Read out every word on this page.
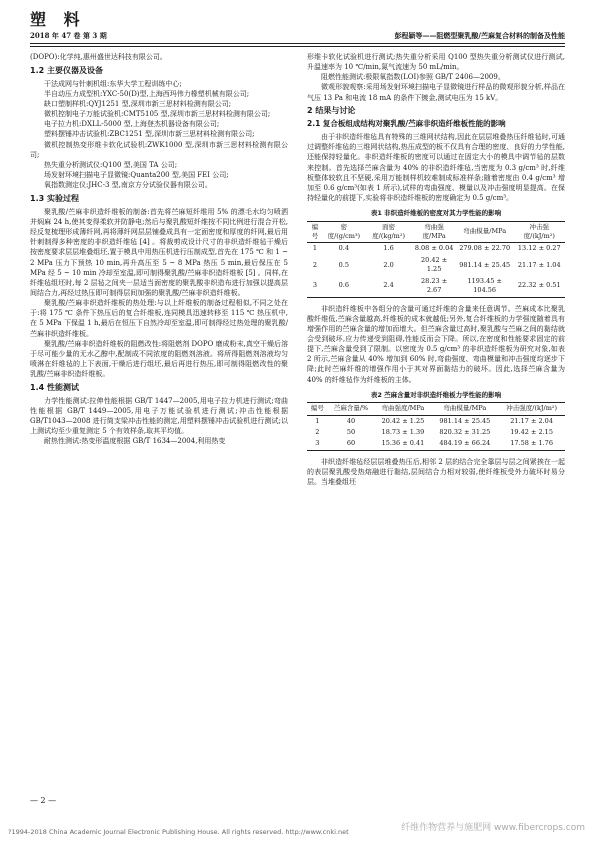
塑 料
2018 年 47 卷 第 3 期	彭程颖等——阻燃型聚乳酸/苎麻复合材料的制备及性能

(DOPO):化学纯,惠州盛世达科技有限公司。

1.2 主要仪器及设备

干法成网与针刺机组:东华大学工程训练中心;

半自动压力成型机:YXC-50(D)型,上海西玛伟力橡塑机械有限公司;

缺口塑制样机:QYJ1251 型,深圳市新三思材料检测有限公司;

微机控制电子万能试验机:CMT5105 型,深圳市新三思材料检测有限公司;

电子拉力机:DXLL-5000 型,上海登杰机器设备有限公司;

塑料摆锤冲击试验机:ZBC1251 型,深圳市新三思材料检测有限公司;

微机控制热变形维卡软化试验机:ZWK1000 型,深圳市新三思材料检测有限公司;

热失重分析测试仪:Q100 型,美国 TA 公司;

场发射环境扫描电子显微镜:Quanta200 型,美国 FEI 公司;

氧指数测定仪:JHC-3 型,南京方分试验仪器有限公司。

1.3 实验过程

聚乳酸/苎麻非织造纤维板的制备:首先将苎麻短纤维用 5% 的漂毛水均匀喷洒并焖麻 24 h,使其变得柔软并防静电;然后与聚乳酸短纤维按不同比例进行混合开松,经反复梳理形成薄纤网,再将薄纤网层层铺叠成具有一定面密度和厚度的纤网,最后用针刺制得多种密度的非织造纤维毡 [4] 。将裁剪成设计尺寸的非织造纤维毡干燥后按密度要求层层堆叠组坯,置于模具中用热压机进行压制成型,首先在 175 ℃ 和 1 ~ 2 MPa 压力下预热 10 min,再升高压至 5 ~ 8 MPa 热压 5 min,最后保压在 5 MPa 经 5 ~ 10 min 冷却至室温,即可制得聚乳酸/苎麻非织造纤维板 [5] 。同样,在纤维毡组坯时,每 2 层毡之间夹一层适当面密度的聚乳酸非织造布进行加强以提高层间结合力,再经过热压即可制得层间加强的聚乳酸/苎麻非织造纤维板。

聚乳酸/苎麻非织造纤维板的热处理:与以上纤维板的制备过程相似,不同之处在于:将 175 ℃ 条件下热压后的复合纤维板,连同模具迅速转移至 115 ℃ 热压机中,在 5 MPa 下保温 1 h,最后在恒压下自然冷却至室温,即可制得经过热处理的聚乳酸/苎麻非织造纤维板。

聚乳酸/苎麻非织造纤维板的阻燃改性:将阻燃剂 DOPO 磨成粉末,真空干燥后溶于尽可能少量的无水乙醇中,配制成不同浓度的阻燃剂溶液。将所得阻燃剂溶液均匀喷淋在纤维毡的上下表面,干燥后进行组坯,最后再进行热压,即可制得阻燃改性的聚乳酸/苎麻非织造纤维板。

1.4 性能测试

力学性能测试:拉伸性能根据 GB/T 1447—2005,用电子拉力机进行测试;弯曲性能根据 GB/T 1449—2005,用电子万能试验机进行测试;冲击性能根据 GB/T1043—2008 进行简支梁冲击性能的测定,用塑料摆锤冲击试验机进行测试;以上测试均至少重复测定 5 个有效样条,取其平均值。

耐热性测试:热变形温度根据 GB/T 1634—2004,利用热变

形维卡软化试验机进行测试;热失重分析采用 Q100 型热失重分析测试仪进行测试,升温速率为 10 ℃/min,氮气流速为 50 mL/min。

阻燃性能测试:极限氧指数(LOI)参照 GB/T 2406—2009。

微观形貌观察:采用场发射环境扫描电子显微镜进行样品的微观形貌分析,样品在气压 13 Pa 和电流 18 mA 的条件下镀金,测试电压为 15 kV。

2 结果与讨论
2.1 复合板组成结构对聚乳酸/苎麻非织造纤维板性能的影响

由于非织造纤维毡具有特殊的三维网状结构,因此在层层堆叠热压纤维毡时,可通过调整纤维毡的三维网状结构,热压成型的板不仅具有合理的密度、良好的力学性能,还能保持轻量化。非织造纤维板的密度可以通过在固定大小的模具中调节毡的层数来控制。首先选择苎麻含量为 40% 的非织造纤维毡,当密度为 0.3 g/cm³ 时,纤维板整体较软且不坚硬,采用万能制样机较难制成标准样条;随着密度由 0.4 g/cm³ 增加至 0.6 g/cm³(如表 1 所示),试样的弯曲强度、模量以及冲击强度明显提高。在保持轻量化的前提下,实验将非织造纤维板的密度确定为 0.5 g/cm³。

表1 非织造纤维板的密度对其力学性能的影响
编号	密度/(g/cm³)	面密度/(kg/m²)	弯曲强度/MPa	弯曲模量/MPa	冲击强度/(kJ/m²)
1	0.4	1.6	8.08 ± 0.04	279.08 ± 22.70	13.12 ± 0.27
2	0.5	2.0	20.42 ± 1.25	981.14 ± 25.45	21.17 ± 1.04
3	0.6	2.4	28.23 ± 2.67	1193.45 ± 104.56	22.32 ± 0.51

非织造纤维板中各组分的含量可通过纤维的含量来任意调节。苎麻成本比聚乳酸纤维低,苎麻含量越高,纤维板的成本就越低;另外,复合纤维板的力学强度随着具有增强作用的苎麻含量的增加而增大。但苎麻含量过高时,聚乳酸与苎麻之间的黏结就会受到破坏,应力传递受到阻碍,性能反而会下降。所以,在密度和性能要求固定的前提下,苎麻含量受到了限制。以密度为 0.5 g/cm³ 的非织造纤维板为研究对象,如表 2 所示,苎麻含量从 40% 增加到 60% 时,弯曲强度、弯曲模量和冲击强度均逐步下降;此时苎麻纤维的增强作用小于其对界面黏结力的破坏。因此,选择苎麻含量为 40% 的纤维毡作为纤维板的主体。

表2 苎麻含量对非织造纤维板力学性能的影响
编号	苎麻含量/%	弯曲强度/MPa	弯曲模量/MPa	冲击强度/(kJ/m²)
1	40	20.42 ± 1.25	981.14 ± 25.45	21.17 ± 2.04
2	50	18.73 ± 1.39	820.32 ± 31.25	19.42 ± 2.15
3	60	15.36 ± 0.41	484.19 ± 66.24	17.58 ± 1.76

非织造纤维毡经层层堆叠热压后,相邻 2 层的结合完全靠层与层之间紧挨在一起的表层聚乳酸受热熔融进行黏结,层间结合力相对较弱,使纤维板受外力破坏时易分层。当堆叠组坯

— 2 —
?1994-2018 China Academic Journal Electronic Publishing House. All rights reserved. http://www.cnki.net	纤维作物营养与施肥网 www.fibercrops.com
